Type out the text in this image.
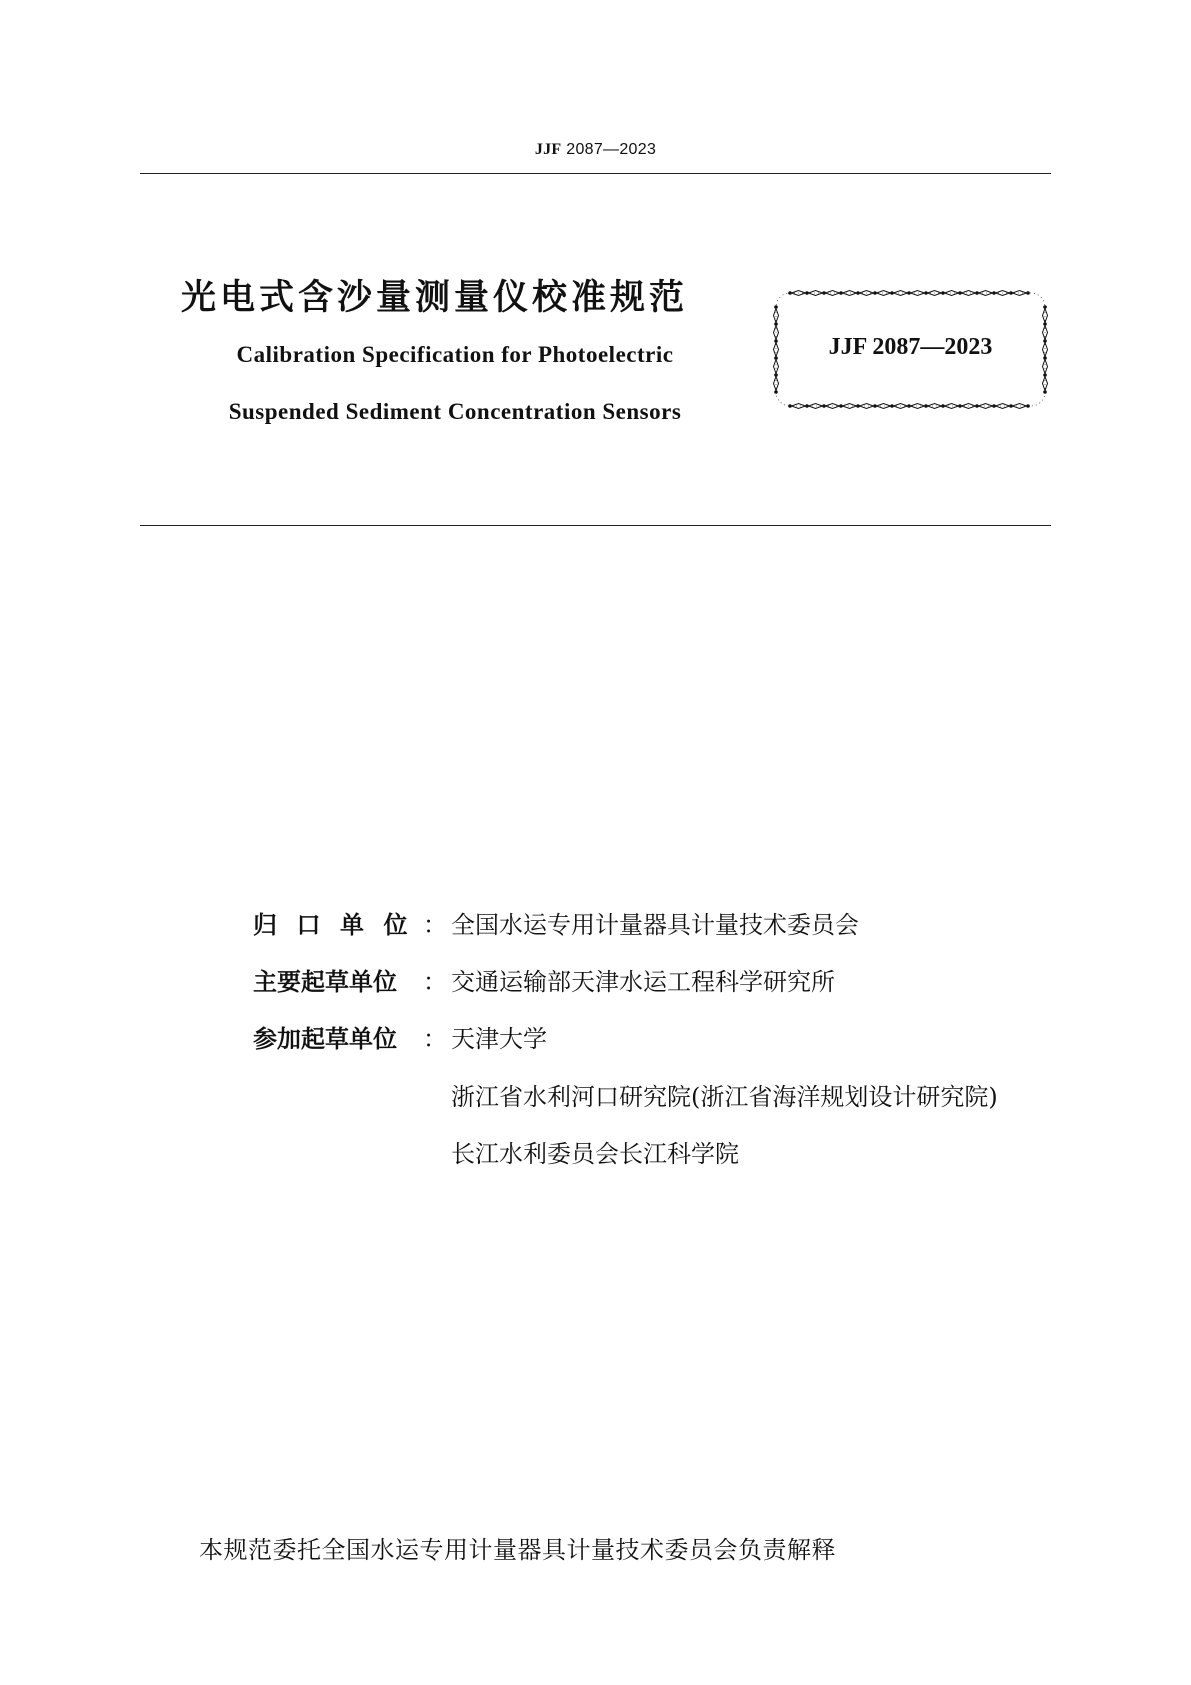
JJF 2087—2023
光电式含沙量测量仪校准规范
Calibration Specification for Photoelectric
Suspended Sediment Concentration Sensors
JJF 2087—2023
归口单位
： 全国水运专用计量器具计量技术委员会
主要起草单位	： 交通运输部天津水运工程科学研究所
参加起草单位	： 天津大学
浙江省水利河口研究院(浙江省海洋规划设计研究院)
长江水利委员会长江科学院
本规范委托全国水运专用计量器具计量技术委员会负责解释
